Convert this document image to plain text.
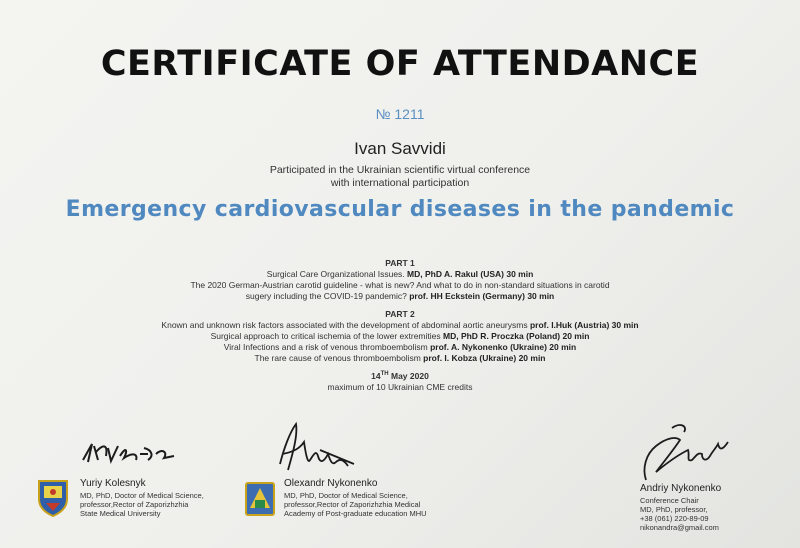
CERTIFICATE OF ATTENDANCE
№ 1211
Ivan Savvidi
Participated in the Ukrainian scientific virtual conference
with international participation
Emergency cardiovascular diseases in the pandemic
PART 1
Surgical Care Organizational Issues. MD, PhD A. Rakul (USA) 30 min
The 2020 German-Austrian carotid guideline - what is new? And what to do in non-standard situations in carotid
sugery including the COVID-19 pandemic? prof. HH Eckstein (Germany) 30 min
PART 2
Known and unknown risk factors associated with the development of abdominal aortic aneurysms prof. I.Huk (Austria) 30 min
Surgical approach to critical ischemia of the lower extremities MD, PhD R. Proczka (Poland) 20 min
Viral Infections and a risk of venous thromboembolism prof. A. Nykonenko (Ukraine) 20 min
The rare cause of venous thromboembolism prof. I. Kobza (Ukraine) 20 min
14TH May 2020
maximum of 10 Ukrainian CME credits
Yuriy Kolesnyk
MD, PhD, Doctor of Medical Science,
professor,Rector of Zaporizhzhia
State Medical University
Olexandr Nykonenko
MD, PhD, Doctor of Medical Science,
professor,Rector of Zaporizhzhia Medical
Academy of Post-graduate education MHU
Andriy Nykonenko
Conference Chair
MD, PhD, professor,
+38 (061) 220-89-09
nikonandra@gmail.com
